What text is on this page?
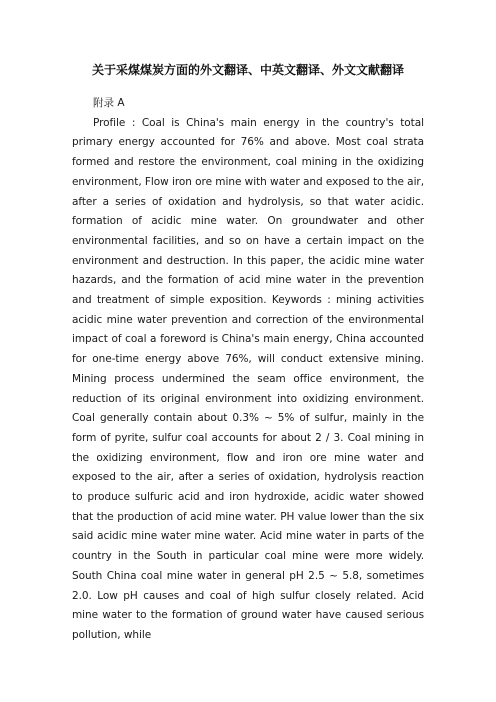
关于采煤煤炭方面的外文翻译、中英文翻译、外文文献翻译

附录 A

Profile : Coal is China's main energy in the country's total primary energy accounted for 76% and above. Most coal strata formed and restore the environment, coal mining in the oxidizing environment, Flow iron ore mine with water and exposed to the air, after a series of oxidation and hydrolysis, so that water acidic. formation of acidic mine water. On groundwater and other environmental facilities, and so on have a certain impact on the environment and destruction. In this paper, the acidic mine water hazards, and the formation of acid mine water in the prevention and treatment of simple exposition. Keywords : mining activities acidic mine water prevention and correction of the environmental impact of coal a foreword is China's main energy, China accounted for one-time energy above 76%, will conduct extensive mining. Mining process undermined the seam office environment, the reduction of its original environment into oxidizing environment. Coal generally contain about 0.3% ~ 5% of sulfur, mainly in the form of pyrite, sulfur coal accounts for about 2 / 3. Coal mining in the oxidizing environment, flow and iron ore mine water and exposed to the air, after a series of oxidation, hydrolysis reaction to produce sulfuric acid and iron hydroxide, acidic water showed that the production of acid mine water. PH value lower than the six said acidic mine water mine water. Acid mine water in parts of the country in the South in particular coal mine were more widely. South China coal mine water in general pH 2.5 ~ 5.8, sometimes 2.0. Low pH causes and coal of high sulfur closely related. Acid mine water to the formation of ground water have caused serious pollution, while
